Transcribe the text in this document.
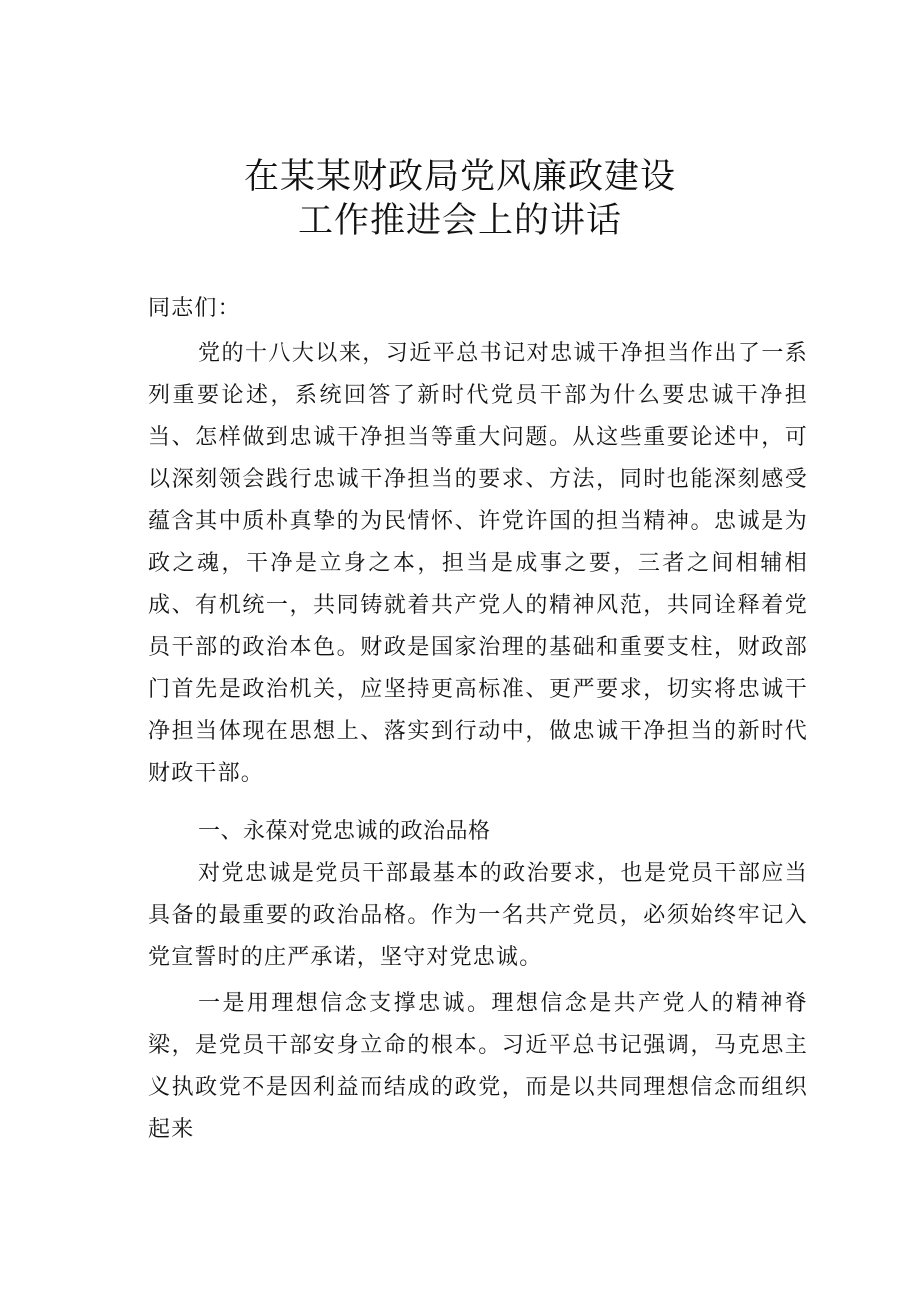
在某某财政局党风廉政建设
工作推进会上的讲话
同志们：
党的十八大以来，习近平总书记对忠诚干净担当作出了一系列重要论述，系统回答了新时代党员干部为什么要忠诚干净担当、怎样做到忠诚干净担当等重大问题。从这些重要论述中，可以深刻领会践行忠诚干净担当的要求、方法，同时也能深刻感受蕴含其中质朴真挚的为民情怀、许党许国的担当精神。忠诚是为政之魂，干净是立身之本，担当是成事之要，三者之间相辅相成、有机统一，共同铸就着共产党人的精神风范，共同诠释着党员干部的政治本色。财政是国家治理的基础和重要支柱，财政部门首先是政治机关，应坚持更高标准、更严要求，切实将忠诚干净担当体现在思想上、落实到行动中，做忠诚干净担当的新时代财政干部。
一、永葆对党忠诚的政治品格
对党忠诚是党员干部最基本的政治要求，也是党员干部应当具备的最重要的政治品格。作为一名共产党员，必须始终牢记入党宣誓时的庄严承诺，坚守对党忠诚。
一是用理想信念支撑忠诚。理想信念是共产党人的精神脊梁，是党员干部安身立命的根本。习近平总书记强调，马克思主义执政党不是因利益而结成的政党，而是以共同理想信念而组织起来
